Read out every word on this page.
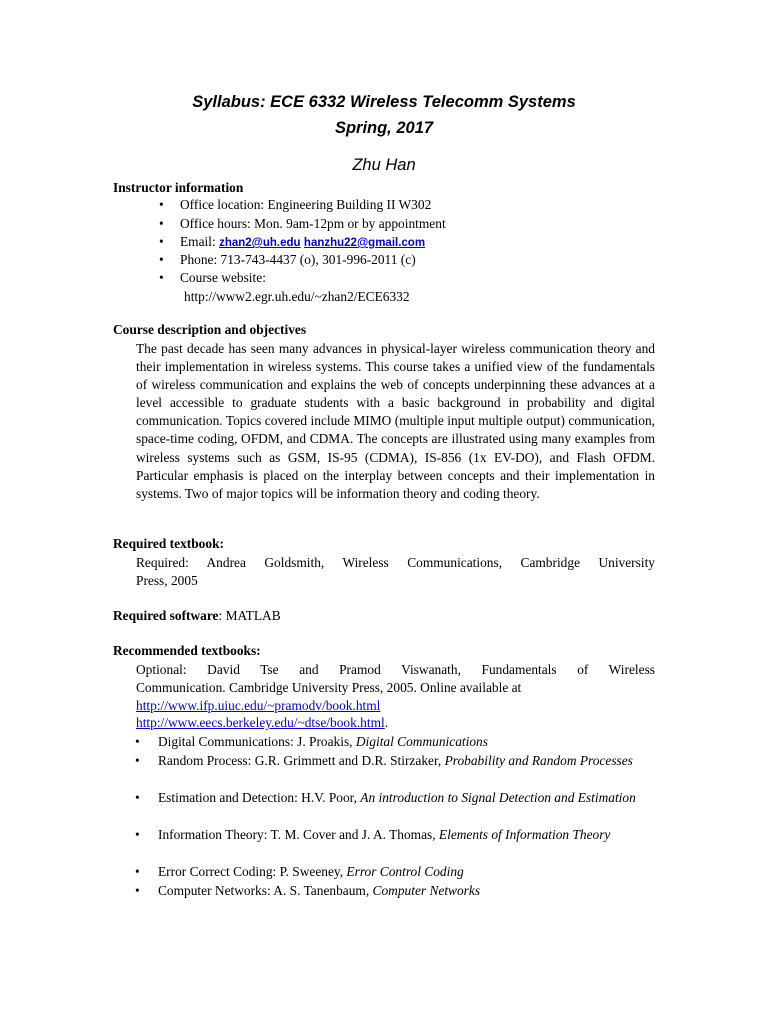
Syllabus: ECE 6332 Wireless Telecomm Systems
Spring, 2017
Zhu Han
Instructor information
• Office location: Engineering Building II W302
• Office hours: Mon. 9am-12pm or by appointment
• Email: zhan2@uh.edu hanzhu22@gmail.com
• Phone: 713-743-4437 (o), 301-996-2011 (c)
• Course website:
http://www2.egr.uh.edu/~zhan2/ECE6332
Course description and objectives
The past decade has seen many advances in physical-layer wireless communication theory and their implementation in wireless systems. This course takes a unified view of the fundamentals of wireless communication and explains the web of concepts underpinning these advances at a level accessible to graduate students with a basic background in probability and digital communication. Topics covered include MIMO (multiple input multiple output) communication, space-time coding, OFDM, and CDMA. The concepts are illustrated using many examples from wireless systems such as GSM, IS-95 (CDMA), IS-856 (1x EV-DO), and Flash OFDM. Particular emphasis is placed on the interplay between concepts and their implementation in systems. Two of major topics will be information theory and coding theory.
Required textbook:
Required: Andrea Goldsmith, Wireless Communications, Cambridge University
Press, 2005
Required software: MATLAB
Recommended textbooks:
Optional: David Tse and Pramod Viswanath, Fundamentals of Wireless
Communication. Cambridge University Press, 2005. Online available at
http://www.ifp.uiuc.edu/~pramodv/book.html
http://www.eecs.berkeley.edu/~dtse/book.html.
• Digital Communications: J. Proakis, Digital Communications
• Random Process: G.R. Grimmett and D.R. Stirzaker, Probability and Random Processes
• Estimation and Detection: H.V. Poor, An introduction to Signal Detection and Estimation
• Information Theory: T. M. Cover and J. A. Thomas, Elements of Information Theory
• Error Correct Coding: P. Sweeney, Error Control Coding
• Computer Networks: A. S. Tanenbaum, Computer Networks
